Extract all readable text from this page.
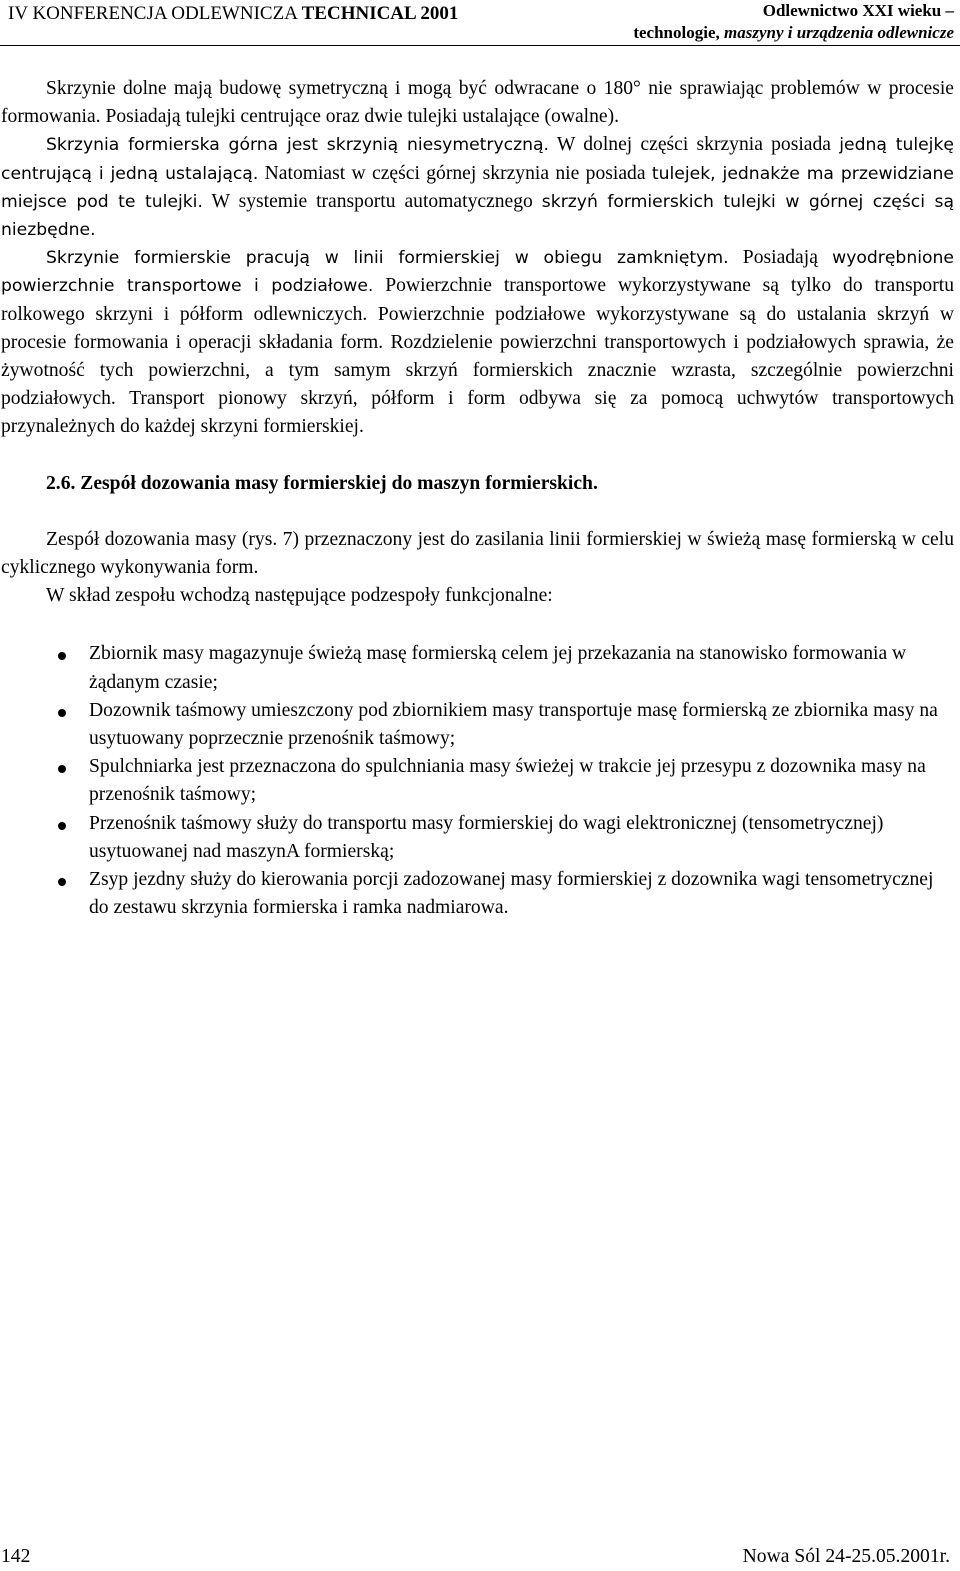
IV KONFERENCJA ODLEWNICZA TECHNICAL 2001	Odlewnictwo XXI wieku –
technologie, maszyny i urządzenia odlewnicze

Skrzynie dolne mają budowę symetryczną i mogą być odwracane o 180° nie sprawiając problemów w procesie formowania. Posiadają tulejki centrujące oraz dwie tulejki ustalające (owalne).

Skrzynia formierska górna jest skrzynią niesymetryczną. W dolnej części skrzynia posiada jedną tulejkę centrującą i jedną ustalającą. Natomiast w części górnej skrzynia nie posiada tulejek, jednakże ma przewidziane miejsce pod te tulejki. W systemie transportu automatycznego skrzyń formierskich tulejki w górnej części są niezbędne.

Skrzynie formierskie pracują w linii formierskiej w obiegu zamkniętym. Posiadają wyodrębnione powierzchnie transportowe i podziałowe. Powierzchnie transportowe wykorzystywane są tylko do transportu rolkowego skrzyni i półform odlewniczych. Powierzchnie podziałowe wykorzystywane są do ustalania skrzyń w procesie formowania i operacji składania form. Rozdzielenie powierzchni transportowych i podziałowych sprawia, że żywotność tych powierzchni, a tym samym skrzyń formierskich znacznie wzrasta, szczególnie powierzchni podziałowych. Transport pionowy skrzyń, półform i form odbywa się za pomocą uchwytów transportowych przynależnych do każdej skrzyni formierskiej.

2.6. Zespół dozowania masy formierskiej do maszyn formierskich.

Zespół dozowania masy (rys. 7) przeznaczony jest do zasilania linii formierskiej w świeżą masę formierską w celu cyklicznego wykonywania form.

W skład zespołu wchodzą następujące podzespoły funkcjonalne:

Zbiornik masy magazynuje świeżą masę formierską celem jej przekazania na stanowisko formowania w żądanym czasie;
Dozownik taśmowy umieszczony pod zbiornikiem masy transportuje masę formierską ze zbiornika masy na usytuowany poprzecznie przenośnik taśmowy;
Spulchniarka jest przeznaczona do spulchniania masy świeżej w trakcie jej przesypu z dozownika masy na przenośnik taśmowy;
Przenośnik taśmowy służy do transportu masy formierskiej do wagi elektronicznej (tensometrycznej) usytuowanej nad maszynA formierską;
Zsyp jezdny służy do kierowania porcji zadozowanej masy formierskiej z dozownika wagi tensometrycznej do zestawu skrzynia formierska i ramka nadmiarowa.
142	Nowa Sól 24-25.05.2001r.
